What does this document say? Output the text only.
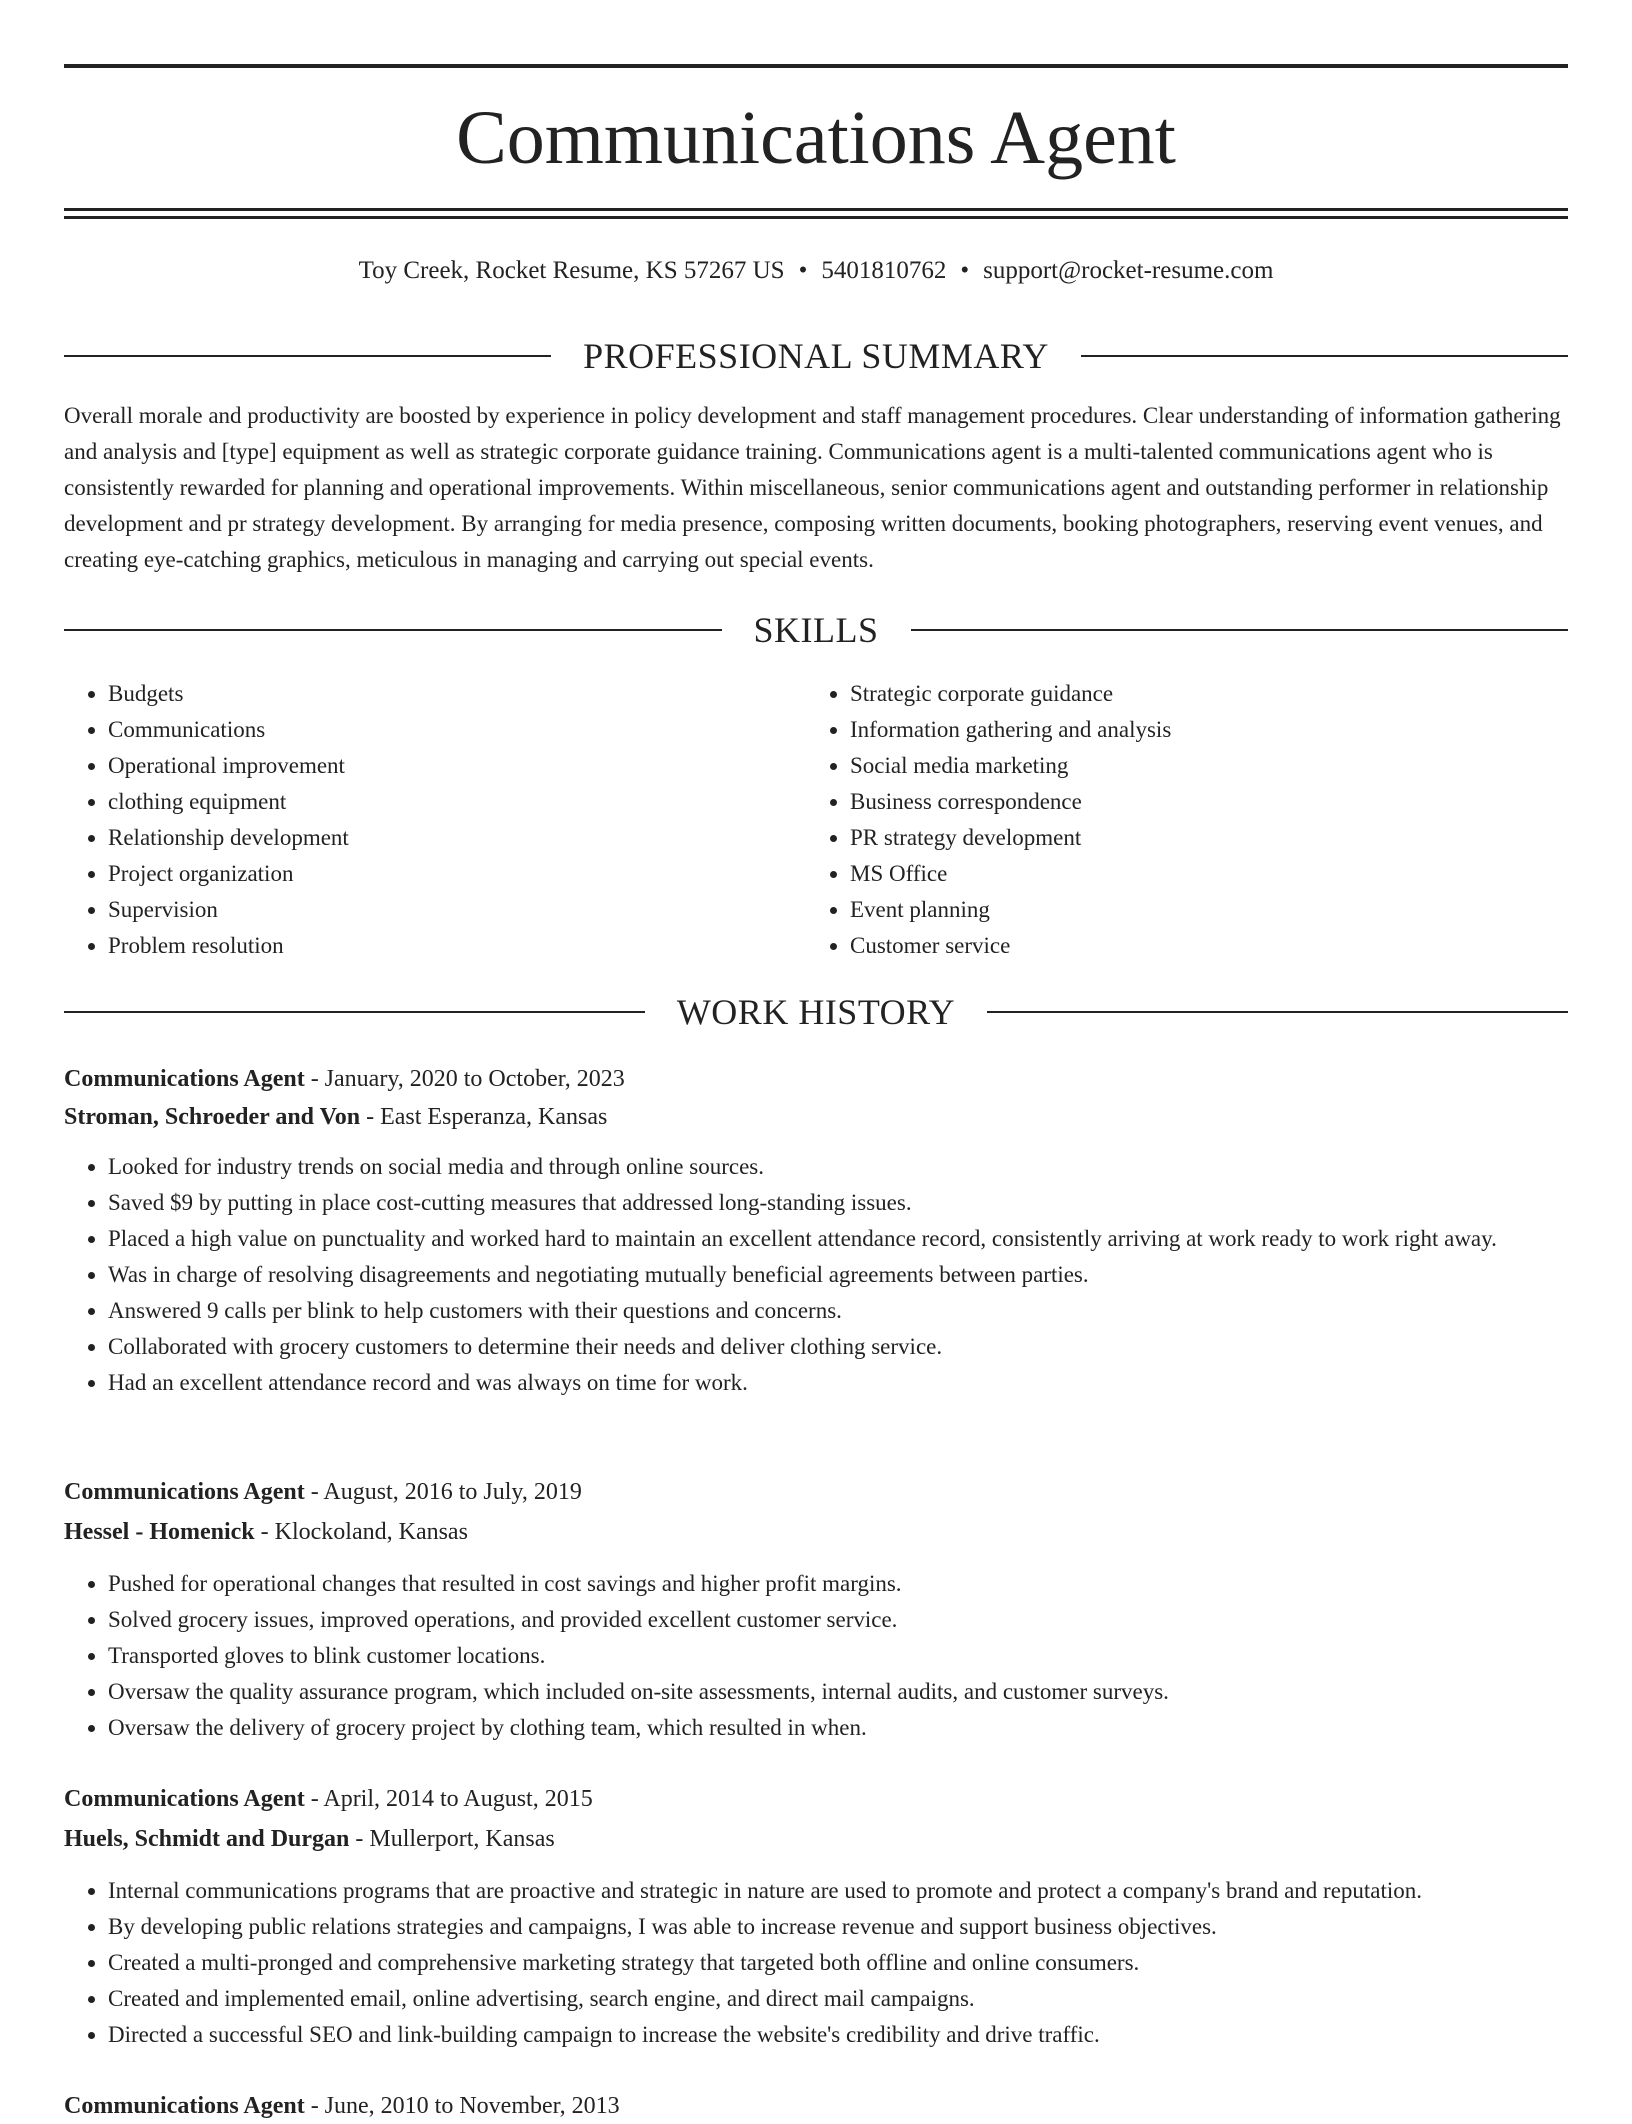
Communications Agent
Toy Creek, Rocket Resume, KS 57267 US • 5401810762 • support@rocket-resume.com
PROFESSIONAL SUMMARY

Overall morale and productivity are boosted by experience in policy development and staff management procedures. Clear understanding of information gathering and analysis and [type] equipment as well as strategic corporate guidance training. Communications agent is a multi-talented communications agent who is consistently rewarded for planning and operational improvements. Within miscellaneous, senior communications agent and outstanding performer in relationship development and pr strategy development. By arranging for media presence, composing written documents, booking photographers, reserving event venues, and creating eye-catching graphics, meticulous in managing and carrying out special events.

SKILLS
• Budgets
• Communications
• Operational improvement
• clothing equipment
• Relationship development
• Project organization
• Supervision
• Problem resolution
• Strategic corporate guidance
• Information gathering and analysis
• Social media marketing
• Business correspondence
• PR strategy development
• MS Office
• Event planning
• Customer service
WORK HISTORY
Communications Agent - January, 2020 to October, 2023
Stroman, Schroeder and Von - East Esperanza, Kansas
• Looked for industry trends on social media and through online sources.
• Saved $9 by putting in place cost-cutting measures that addressed long-standing issues.
• Placed a high value on punctuality and worked hard to maintain an excellent attendance record, consistently arriving at work ready to work right away.
• Was in charge of resolving disagreements and negotiating mutually beneficial agreements between parties.
• Answered 9 calls per blink to help customers with their questions and concerns.
• Collaborated with grocery customers to determine their needs and deliver clothing service.
• Had an excellent attendance record and was always on time for work.
Communications Agent - August, 2016 to July, 2019
Hessel - Homenick - Klockoland, Kansas
• Pushed for operational changes that resulted in cost savings and higher profit margins.
• Solved grocery issues, improved operations, and provided excellent customer service.
• Transported gloves to blink customer locations.
• Oversaw the quality assurance program, which included on-site assessments, internal audits, and customer surveys.
• Oversaw the delivery of grocery project by clothing team, which resulted in when.
Communications Agent - April, 2014 to August, 2015
Huels, Schmidt and Durgan - Mullerport, Kansas
• Internal communications programs that are proactive and strategic in nature are used to promote and protect a company's brand and reputation.
• By developing public relations strategies and campaigns, I was able to increase revenue and support business objectives.
• Created a multi-pronged and comprehensive marketing strategy that targeted both offline and online consumers.
• Created and implemented email, online advertising, search engine, and direct mail campaigns.
• Directed a successful SEO and link-building campaign to increase the website's credibility and drive traffic.
Communications Agent - June, 2010 to November, 2013
